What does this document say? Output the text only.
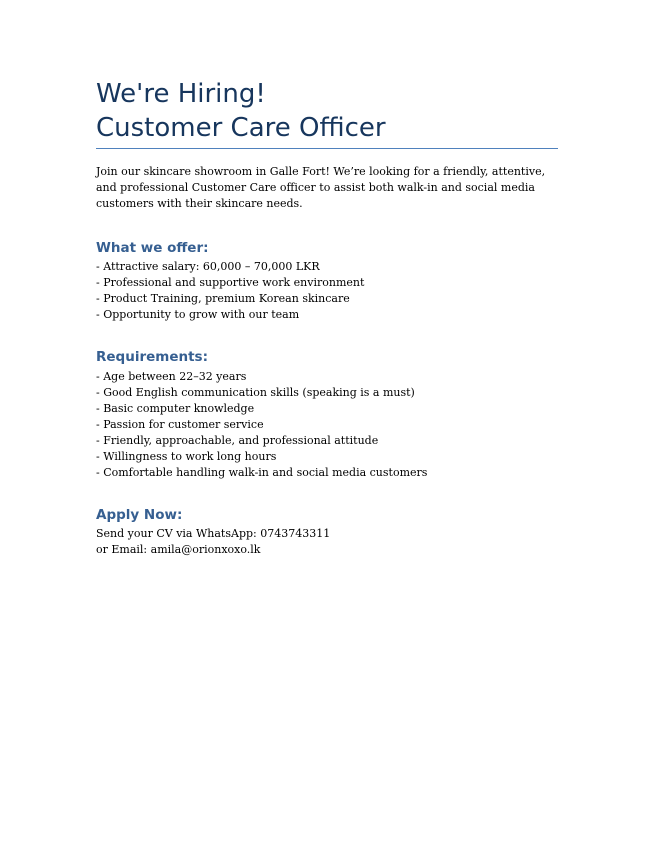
We're Hiring!
Customer Care Officer

Join our skincare showroom in Galle Fort! We’re looking for a friendly, attentive, and professional Customer Care officer to assist both walk-in and social media customers with their skincare needs.

What we offer:
- Attractive salary: 60,000 – 70,000 LKR
- Professional and supportive work environment
- Product Training, premium Korean skincare
- Opportunity to grow with our team
Requirements:
- Age between 22–32 years
- Good English communication skills (speaking is a must)
- Basic computer knowledge
- Passion for customer service
- Friendly, approachable, and professional attitude
- Willingness to work long hours
- Comfortable handling walk-in and social media customers
Apply Now:
Send your CV via WhatsApp: 0743743311
or Email: amila@orionxoxo.lk
